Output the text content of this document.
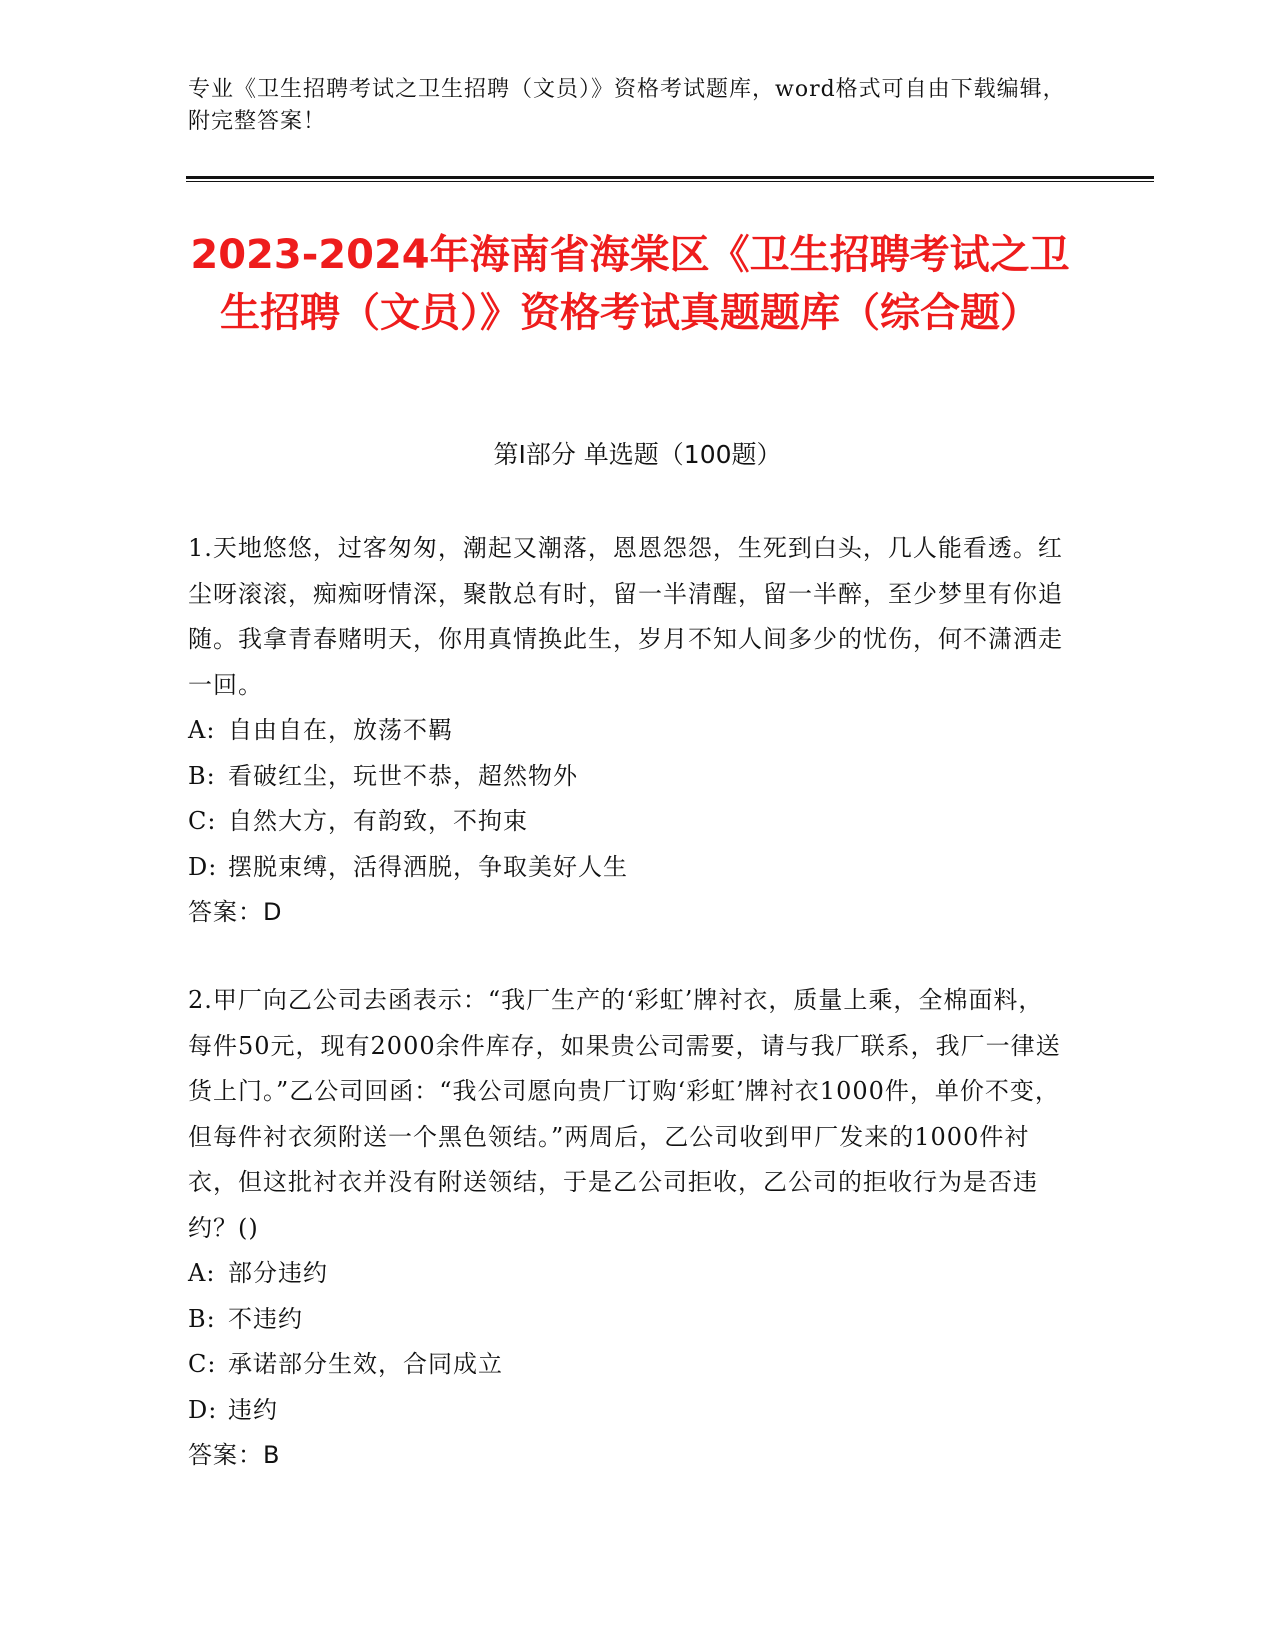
专业《卫生招聘考试之卫生招聘（文员）》资格考试题库，word格式可自由下载编辑，附完整答案！
2023-2024年海南省海棠区《卫生招聘考试之卫生招聘（文员）》资格考试真题题库（综合题）
第Ⅰ部分 单选题（100题）

1.天地悠悠，过客匆匆，潮起又潮落，恩恩怨怨，生死到白头，几人能看透。红尘呀滚滚，痴痴呀情深，聚散总有时，留一半清醒，留一半醉，至少梦里有你追随。我拿青春赌明天，你用真情换此生，岁月不知人间多少的忧伤，何不潇洒走一回。

A: 自由自在，放荡不羁

B: 看破红尘，玩世不恭，超然物外

C: 自然大方，有韵致，不拘束

D: 摆脱束缚，活得洒脱，争取美好人生

答案：D

2.甲厂向乙公司去函表示：“我厂生产的‘彩虹’牌衬衣，质量上乘，全棉面料，每件50元，现有2000余件库存，如果贵公司需要，请与我厂联系，我厂一律送货上门。”乙公司回函：“我公司愿向贵厂订购‘彩虹’牌衬衣1000件，单价不变，但每件衬衣须附送一个黑色领结。”两周后，乙公司收到甲厂发来的1000件衬衣，但这批衬衣并没有附送领结，于是乙公司拒收，乙公司的拒收行为是否违约？()

A: 部分违约

B: 不违约

C: 承诺部分生效，合同成立

D: 违约

答案：B
